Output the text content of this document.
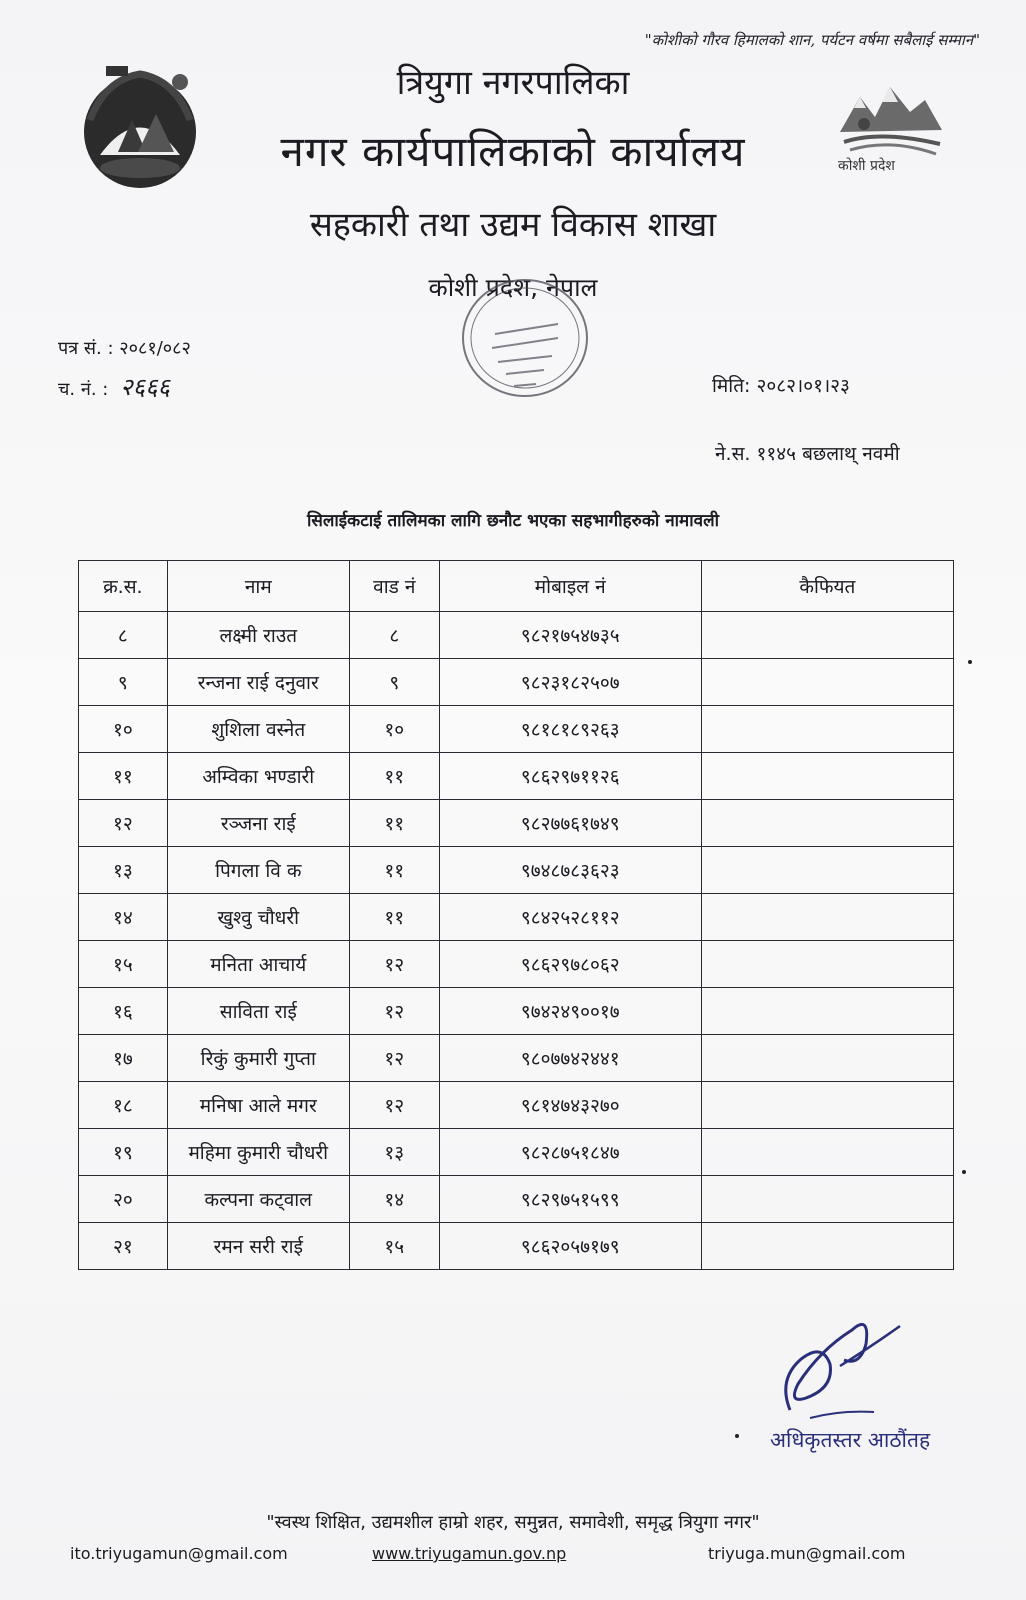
"कोशीको गौरव हिमालको शान, पर्यटन वर्षमा सबैलाई सम्मान"
कोशी प्रदेश
त्रियुगा नगरपालिका
नगर कार्यपालिकाको कार्यालय
सहकारी तथा उद्यम विकास शाखा
कोशी प्रदेश, नेपाल
पत्र सं. : २०८१/०८२
च. नं. : २६६६	मिति: २०८२।०१।२३
ने.स. ११४५ बछलाथ् नवमी
सिलाईकटाई तालिमका लागि छनौट भएका सहभागीहरुको नामावली
क्र.स.	नाम	वाड नं	मोबाइल नं	कैफियत
८	लक्ष्मी राउत	८	९८२१७५४७३५	
९	रन्जना राई दनुवार	९	९८२३१८२५०७	
१०	शुशिला वस्नेत	१०	९८१८१८९२६३	
११	अम्विका भण्डारी	११	९८६२९७११२६	
१२	रञ्जना राई	११	९८२७७६१७४९	
१३	पिगला वि क	११	९७४८७८३६२३	
१४	खुश्वु चौधरी	११	९८४२५२८११२	
१५	मनिता आचार्य	१२	९८६२९७८०६२	
१६	साविता राई	१२	९७४२४९००१७	
१७	रिकुं कुमारी गुप्ता	१२	९८०७७४२४४१	
१८	मनिषा आले मगर	१२	९८१४७४३२७०	
१९	महिमा कुमारी चौधरी	१३	९८२८७५१८४७	
२०	कल्पना कट्वाल	१४	९८२९७५१५९९	
२१	रमन सरी राई	१५	९८६२०५७१७९	
अधिकृतस्तर आठौंतह
"स्वस्थ शिक्षित, उद्यमशील हाम्रो शहर, समुन्नत, समावेशी, समृद्ध त्रियुगा नगर"
ito.triyugamun@gmail.com	www.triyugamun.gov.np	triyuga.mun@gmail.com
